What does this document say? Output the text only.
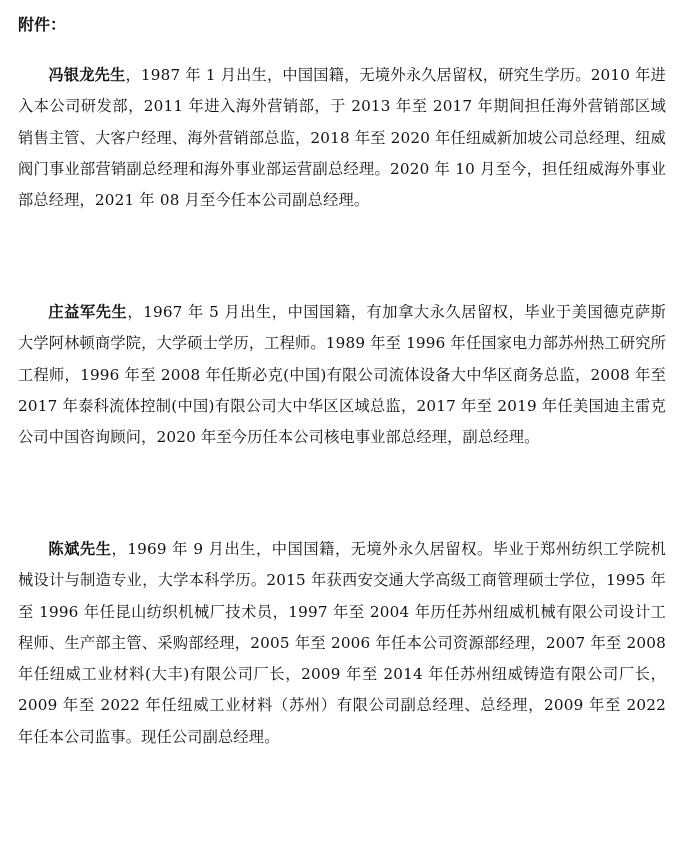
附件：

冯银龙先生，1987 年 1 月出生，中国国籍，无境外永久居留权，研究生学历。2010 年进入本公司研发部，2011 年进入海外营销部，于 2013 年至 2017 年期间担任海外营销部区域销售主管、大客户经理、海外营销部总监，2018 年至 2020 年任纽威新加坡公司总经理、纽威阀门事业部营销副总经理和海外事业部运营副总经理。2020 年 10 月至今，担任纽威海外事业部总经理，2021 年 08 月至今任本公司副总经理。

庄益军先生，1967 年 5 月出生，中国国籍，有加拿大永久居留权，毕业于美国德克萨斯大学阿林顿商学院，大学硕士学历，工程师。1989 年至 1996 年任国家电力部苏州热工研究所工程师，1996 年至 2008 年任斯必克(中国)有限公司流体设备大中华区商务总监，2008 年至 2017 年泰科流体控制(中国)有限公司大中华区区域总监，2017 年至 2019 年任美国迪主雷克公司中国咨询顾问，2020 年至今历任本公司核电事业部总经理，副总经理。

陈斌先生，1969 年 9 月出生，中国国籍，无境外永久居留权。毕业于郑州纺织工学院机械设计与制造专业，大学本科学历。2015 年获西安交通大学高级工商管理硕士学位，1995 年至 1996 年任昆山纺织机械厂技术员，1997 年至 2004 年历任苏州纽威机械有限公司设计工程师、生产部主管、采购部经理，2005 年至 2006 年任本公司资源部经理，2007 年至 2008 年任纽威工业材料(大丰)有限公司厂长，2009 年至 2014 年任苏州纽威铸造有限公司厂长，2009 年至 2022 年任纽威工业材料（苏州）有限公司副总经理、总经理，2009 年至 2022 年任本公司监事。现任公司副总经理。
